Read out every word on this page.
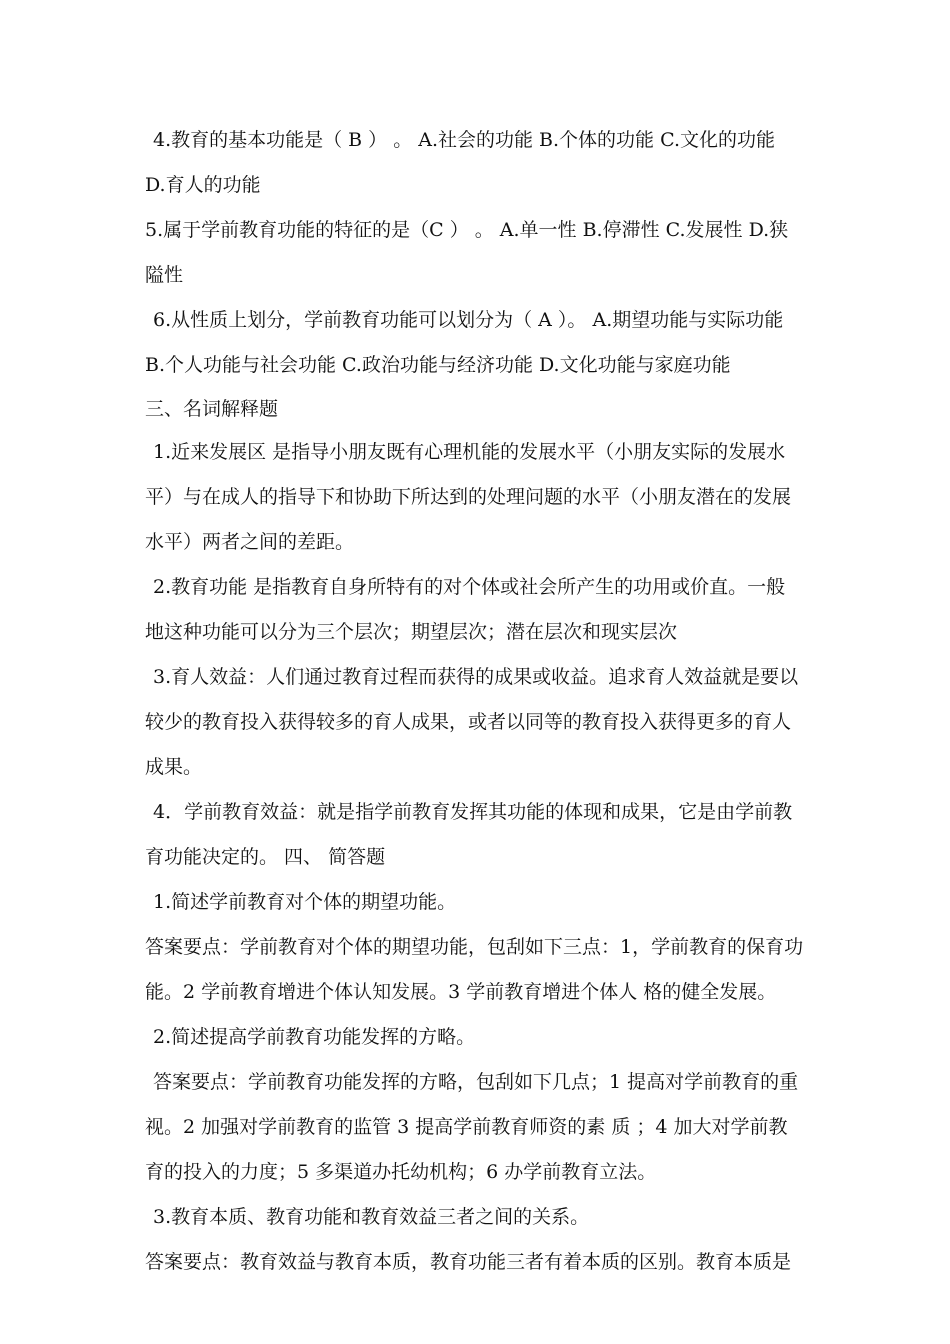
4.教育的基本功能是（ B ） 。 A.社会的功能 B.个体的功能 C.文化的功能
D.育人的功能
5.属于学前教育功能的特征的是（C ） 。 A.单一性 B.停滞性 C.发展性 D.狭
隘性
6.从性质上划分，学前教育功能可以划分为（ A ）。 A.期望功能与实际功能
B.个人功能与社会功能 C.政治功能与经济功能 D.文化功能与家庭功能
三、名词解释题
1.近来发展区 是指导小朋友既有心理机能的发展水平（小朋友实际的发展水
平）与在成人的指导下和协助下所达到的处理问题的水平（小朋友潜在的发展
水平）两者之间的差距。
2.教育功能 是指教育自身所特有的对个体或社会所产生的功用或价直。一般
地这种功能可以分为三个层次；期望层次；潜在层次和现实层次
3.育人效益：人们通过教育过程而获得的成果或收益。追求育人效益就是要以
较少的教育投入获得较多的育人成果，或者以同等的教育投入获得更多的育人
成果。
4．学前教育效益：就是指学前教育发挥其功能的体现和成果，它是由学前教
育功能决定的。 四、 简答题
1.简述学前教育对个体的期望功能。
答案要点：学前教育对个体的期望功能，包刮如下三点：1，学前教育的保育功
能。2 学前教育增进个体认知发展。3 学前教育增进个体人 格的健全发展。
2.简述提高学前教育功能发挥的方略。
答案要点：学前教育功能发挥的方略，包刮如下几点；1 提高对学前教育的重
视。2 加强对学前教育的监管 3 提高学前教育师资的素 质 ；4 加大对学前教
育的投入的力度；5 多渠道办托幼机构；6 办学前教育立法。
3.教育本质、教育功能和教育效益三者之间的关系。
答案要点：教育效益与教育本质，教育功能三者有着本质的区别。教育本质是
